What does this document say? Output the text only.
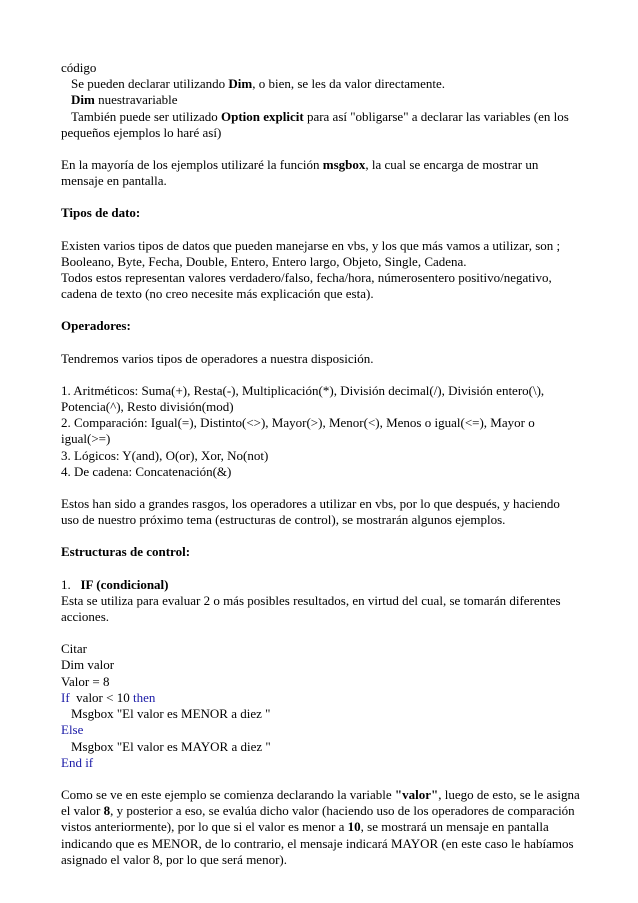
código

Se pueden declarar utilizando Dim, o bien, se les da valor directamente.

Dim nuestravariable

También puede ser utilizado Option explicit para así "obligarse" a declarar las variables (en los pequeños ejemplos lo haré así)

En la mayoría de los ejemplos utilizaré la función msgbox, la cual se encarga de mostrar un mensaje en pantalla.

Tipos de dato:

Existen varios tipos de datos que pueden manejarse en vbs, y los que más vamos a utilizar, son ; Booleano, Byte, Fecha, Double, Entero, Entero largo, Objeto, Single, Cadena.

Todos estos representan valores verdadero/falso, fecha/hora, númerosentero positivo/negativo, cadena de texto (no creo necesite más explicación que esta).

Operadores:

Tendremos varios tipos de operadores a nuestra disposición.

1. Aritméticos: Suma(+), Resta(-), Multiplicación(*), División decimal(/), División entero(\), Potencia(^), Resto división(mod)

2. Comparación: Igual(=), Distinto(<>), Mayor(>), Menor(<), Menos o igual(<=), Mayor o igual(>=)

3. Lógicos: Y(and), O(or), Xor, No(not)

4. De cadena: Concatenación(&)

Estos han sido a grandes rasgos, los operadores a utilizar en vbs, por lo que después, y haciendo uso de nuestro próximo tema (estructuras de control), se mostrarán algunos ejemplos.

Estructuras de control:

1.   IF (condicional)

Esta se utiliza para evaluar 2 o más posibles resultados, en virtud del cual, se tomarán diferentes acciones.

Citar

Dim valor

Valor = 8

If  valor < 10 then

Msgbox "El valor es MENOR a diez "

Else

Msgbox "El valor es MAYOR a diez "

End if

Como se ve en este ejemplo se comienza declarando la variable "valor", luego de esto, se le asigna el valor 8, y posterior a eso, se evalúa dicho valor (haciendo uso de los operadores de comparación vistos anteriormente), por lo que si el valor es menor a 10, se mostrará un mensaje en pantalla indicando que es MENOR, de lo contrario, el mensaje indicará MAYOR (en este caso le habíamos asignado el valor 8, por lo que será menor).
